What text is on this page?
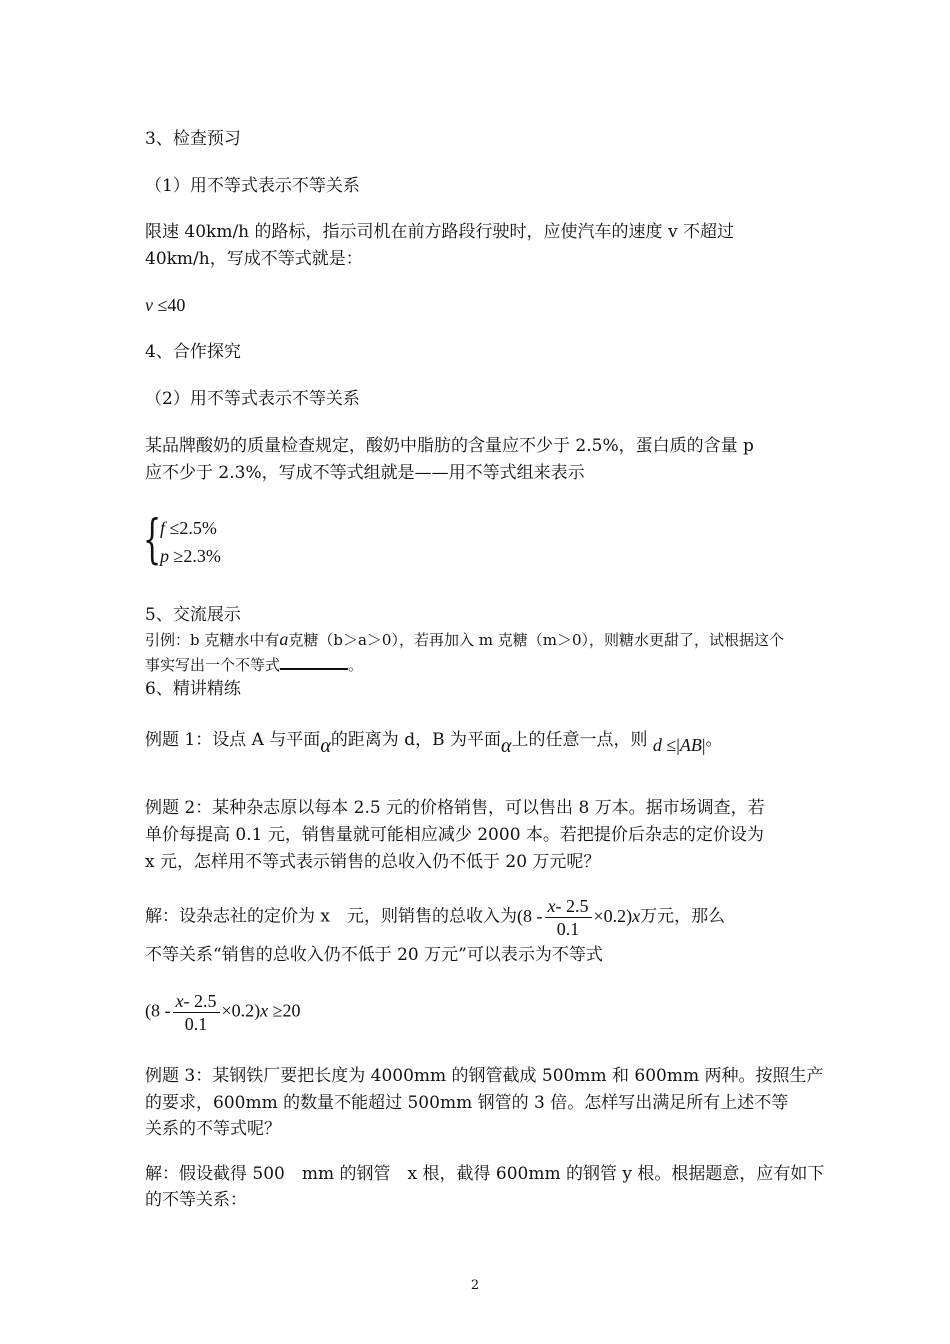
3、检查预习
（1）用不等式表示不等关系
限速 40km/h 的路标，指示司机在前方路段行驶时，应使汽车的速度 v 不超过
40km/h，写成不等式就是：
v ≤40
4、合作探究
（2）用不等式表示不等关系
某品牌酸奶的质量检查规定，酸奶中脂肪的含量应不少于 2.5%，蛋白质的含量 p
应不少于 2.3%，写成不等式组就是——用不等式组来表示
{
f ≤2.5%
p ≥2.3%
5、交流展示
引例：b 克糖水中有a克糖（b＞a＞0），若再加入 m 克糖（m＞0），则糖水更甜了，试根据这个
事实写出一个不等式	。
6、精讲精练
例题 1：设点 A 与平面α的距离为 d，B 为平面α上的任意一点，则 d ≤|AB|。
例题 2：某种杂志原以每本 2.5 元的价格销售，可以售出 8 万本。据市场调查，若
单价每提高 0.1 元，销售量就可能相应减少 2000 本。若把提价后杂志的定价设为
x 元，怎样用不等式表示销售的总收入仍不低于 20 万元呢？
解：设杂志社的定价为 x　元，则销售的总收入为$(8 - \frac{x- 2.5}{0.1} \times 0.2)x$万元，那么
不等关系“销售的总收入仍不低于 20 万元”可以表示为不等式
$(8 - \frac{x- 2.5}{0.1} \times 0.2)x \ge 20$
例题 3：某钢铁厂要把长度为 4000mm 的钢管截成 500mm 和 600mm 两种。按照生产
的要求，600mm 的数量不能超过 500mm 钢管的 3 倍。怎样写出满足所有上述不等
关系的不等式呢？
解：假设截得 500　mm 的钢管　x 根，截得 600mm 的钢管 y 根。根据题意，应有如下
的不等关系：
2
